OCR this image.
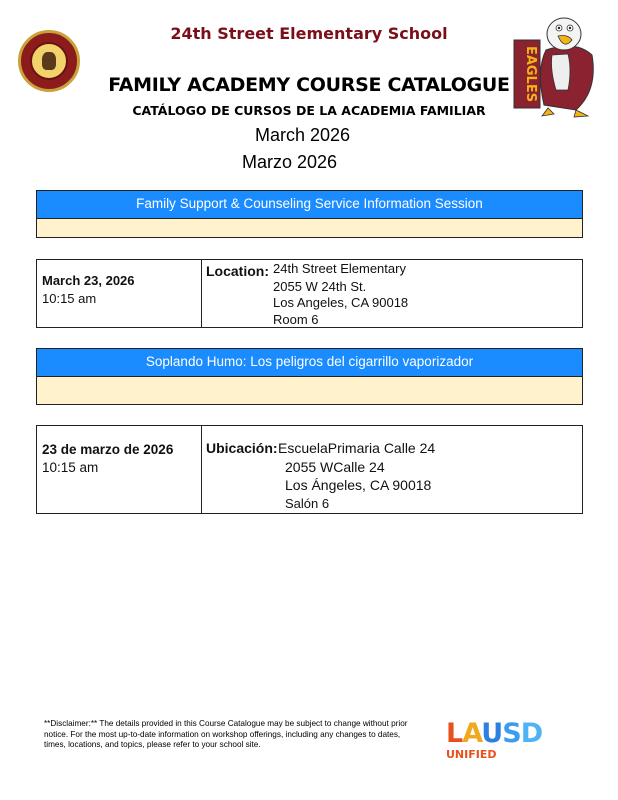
24th Street Elementary School
EAGLES
FAMILY ACADEMY COURSE CATALOGUE
CATÁLOGO DE CURSOS DE LA ACADEMIA FAMILIAR
March 2026
Marzo 2026
Family Support & Counseling Service Information Session
March 23, 2026
10:15 am
Location: 24th Street Elementary
2055 W 24th St.
Los Angeles, CA 90018
Room 6
Soplando Humo: Los peligros del cigarrillo vaporizador
23 de marzo de 2026
10:15 am
Ubicación: EscuelaPrimaria Calle 24
2055 WCalle 24
Los Ángeles, CA 90018
Salón 6
**Disclaimer:** The details provided in this Course Catalogue may be subject to change without prior notice. For the most up-to-date information on workshop offerings, including any changes to dates, times, locations, and topics, please refer to your school site.	LAUSD
UNIFIED
